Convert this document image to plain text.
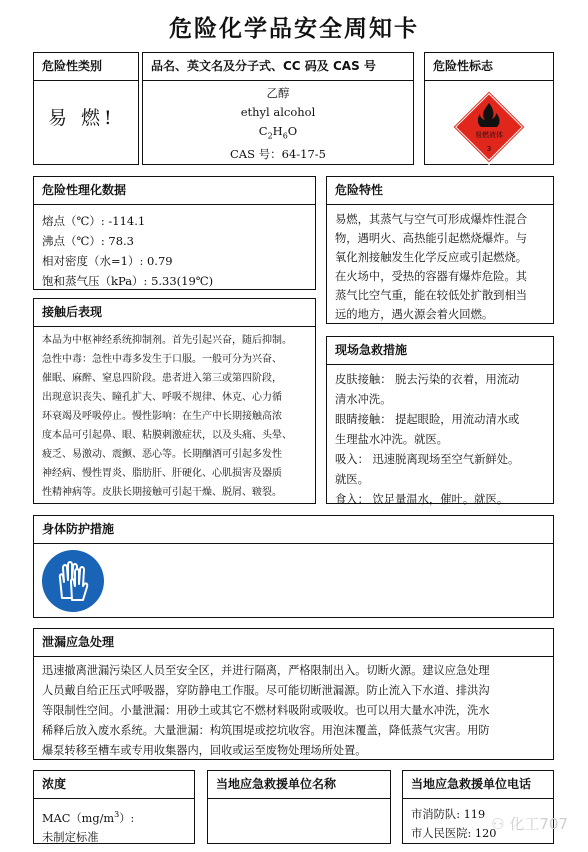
危险化学品安全周知卡
危险性类别
易 燃!
品名、英文名及分子式、CC 码及 CAS 号
乙醇
ethyl alcohol
$C_2H_6O$
CAS 号：64-17-5
危险性标志
易燃液体
3
危险性理化数据
熔点（℃）: -114.1
沸点（℃）: 78.3
相对密度（水=1）: 0.79
饱和蒸气压（kPa）: 5.33(19℃)
危险特性
易燃，其蒸气与空气可形成爆炸性混合
物，遇明火、高热能引起燃烧爆炸。与
氧化剂接触发生化学反应或引起燃烧。
在火场中，受热的容器有爆炸危险。其
蒸气比空气重，能在较低处扩散到相当
远的地方，遇火源会着火回燃。
接触后表现
本品为中枢神经系统抑制剂。首先引起兴奋，随后抑制。
急性中毒：急性中毒多发生于口服。一般可分为兴奋、
催眠、麻醉、窒息四阶段。患者进入第三或第四阶段，
出现意识丧失、瞳孔扩大、呼吸不规律、休克、心力循
环衰竭及呼吸停止。慢性影响：在生产中长期接触高浓
度本品可引起鼻、眼、粘膜刺激症状，以及头痛、头晕、
疲乏、易激动、震颤、恶心等。长期酗酒可引起多发性
神经病、慢性胃炎、脂肪肝、肝硬化、心肌损害及器质
性精神病等。皮肤长期接触可引起干燥、脱屑、皲裂。
现场急救措施
皮肤接触： 脱去污染的衣着，用流动
清水冲洗。
眼睛接触： 提起眼睑，用流动清水或
生理盐水冲洗。就医。
吸入： 迅速脱离现场至空气新鲜处。
就医。
食入： 饮足量温水，催吐。就医。
身体防护措施
泄漏应急处理
迅速撤离泄漏污染区人员至安全区，并进行隔离，严格限制出入。切断火源。建议应急处理
人员戴自给正压式呼吸器，穿防静电工作服。尽可能切断泄漏源。防止流入下水道、排洪沟
等限制性空间。小量泄漏：用砂土或其它不燃材料吸附或吸收。也可以用大量水冲洗，洗水
稀释后放入废水系统。大量泄漏：构筑围堤或挖坑收容。用泡沫覆盖，降低蒸气灾害。用防
爆泵转移至槽车或专用收集器内，回收或运至废物处理场所处置。
浓度
$MAC(mg/m^3)$:
未制定标准
当地应急救援单位名称	当地应急救援单位电话
市消防队: 119
市人民医院: 120
⚇ 化工707
